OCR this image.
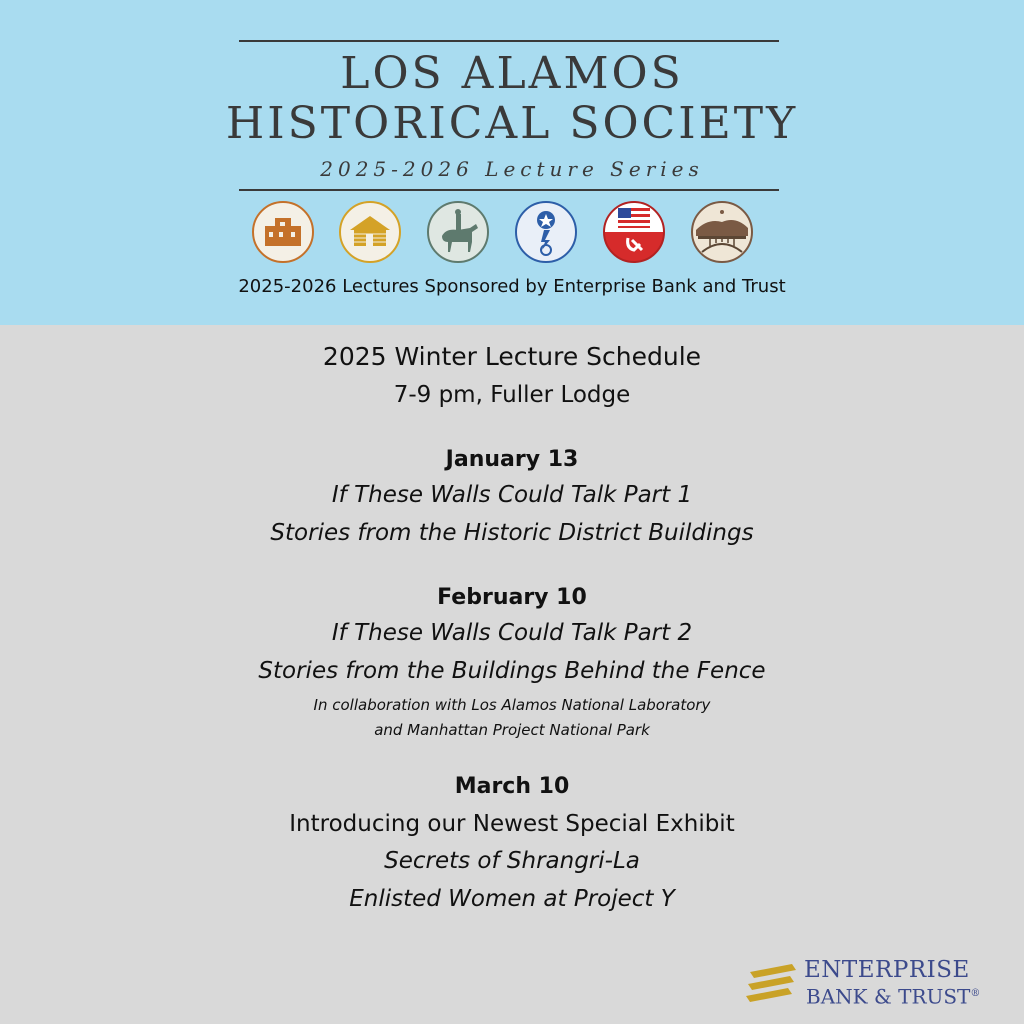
LOS ALAMOS
HISTORICAL SOCIETY
2025-2026 Lecture Series
2025-2026 Lectures Sponsored by Enterprise Bank and Trust
2025 Winter Lecture Schedule
7-9 pm, Fuller Lodge
January 13
If These Walls Could Talk Part 1
Stories from the Historic District Buildings
February 10
If These Walls Could Talk Part 2
Stories from the Buildings Behind the Fence
In collaboration with Los Alamos National Laboratory
and Manhattan Project National Park
March 10
Introducing our Newest Special Exhibit
Secrets of Shrangri-La
Enlisted Women at Project Y
ENTERPRISE
BANK & TRUST®
